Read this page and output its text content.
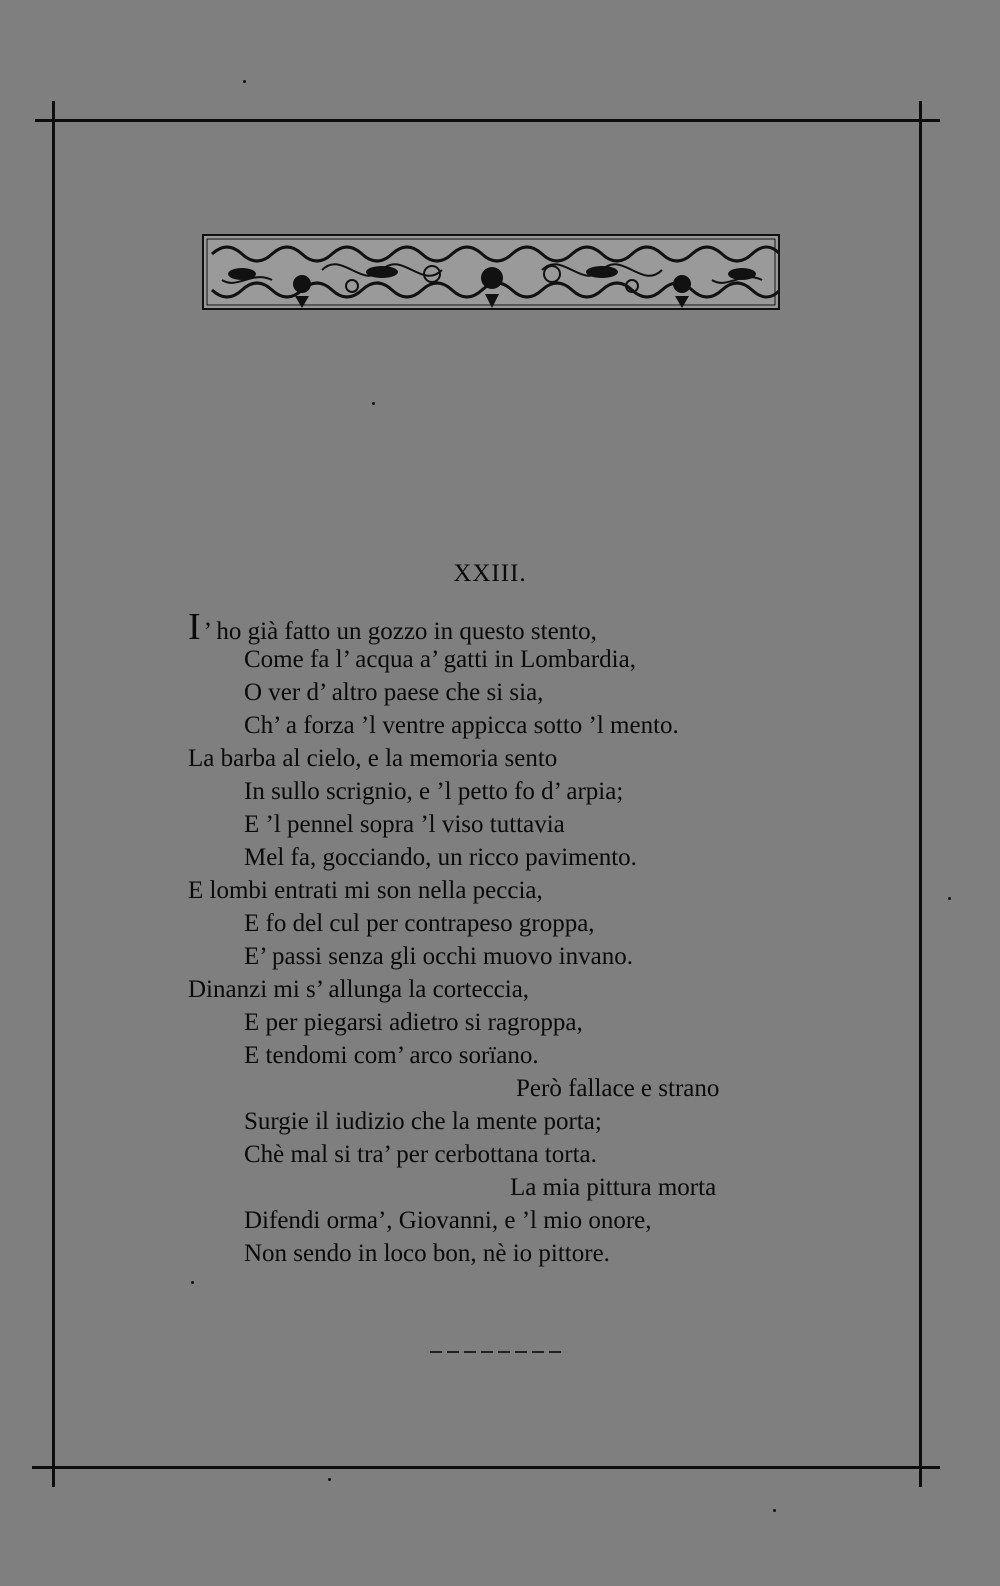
XXIII.
I ’ ho già fatto un gozzo in questo stento,
Come fa l’ acqua a’ gatti in Lombardia,
O ver d’ altro paese che si sia,
Ch’ a forza ’l ventre appicca sotto ’l mento.
La barba al cielo, e la memoria sento
In sullo scrignio, e ’l petto fo d’ arpia;
E ’l pennel sopra ’l viso tuttavia
Mel fa, gocciando, un ricco pavimento.
E lombi entrati mi son nella peccia,
E fo del cul per contrapeso groppa,
E’ passi senza gli occhi muovo invano.
Dinanzi mi s’ allunga la corteccia,
E per piegarsi adietro si ragroppa,
E tendomi com’ arco sorïano.
Però fallace e strano
Surgie il iudizio che la mente porta;
Chè mal si tra’ per cerbottana torta.
La mia pittura morta
Difendi orma’, Giovanni, e ’l mio onore,
Non sendo in loco bon, nè io pittore.
